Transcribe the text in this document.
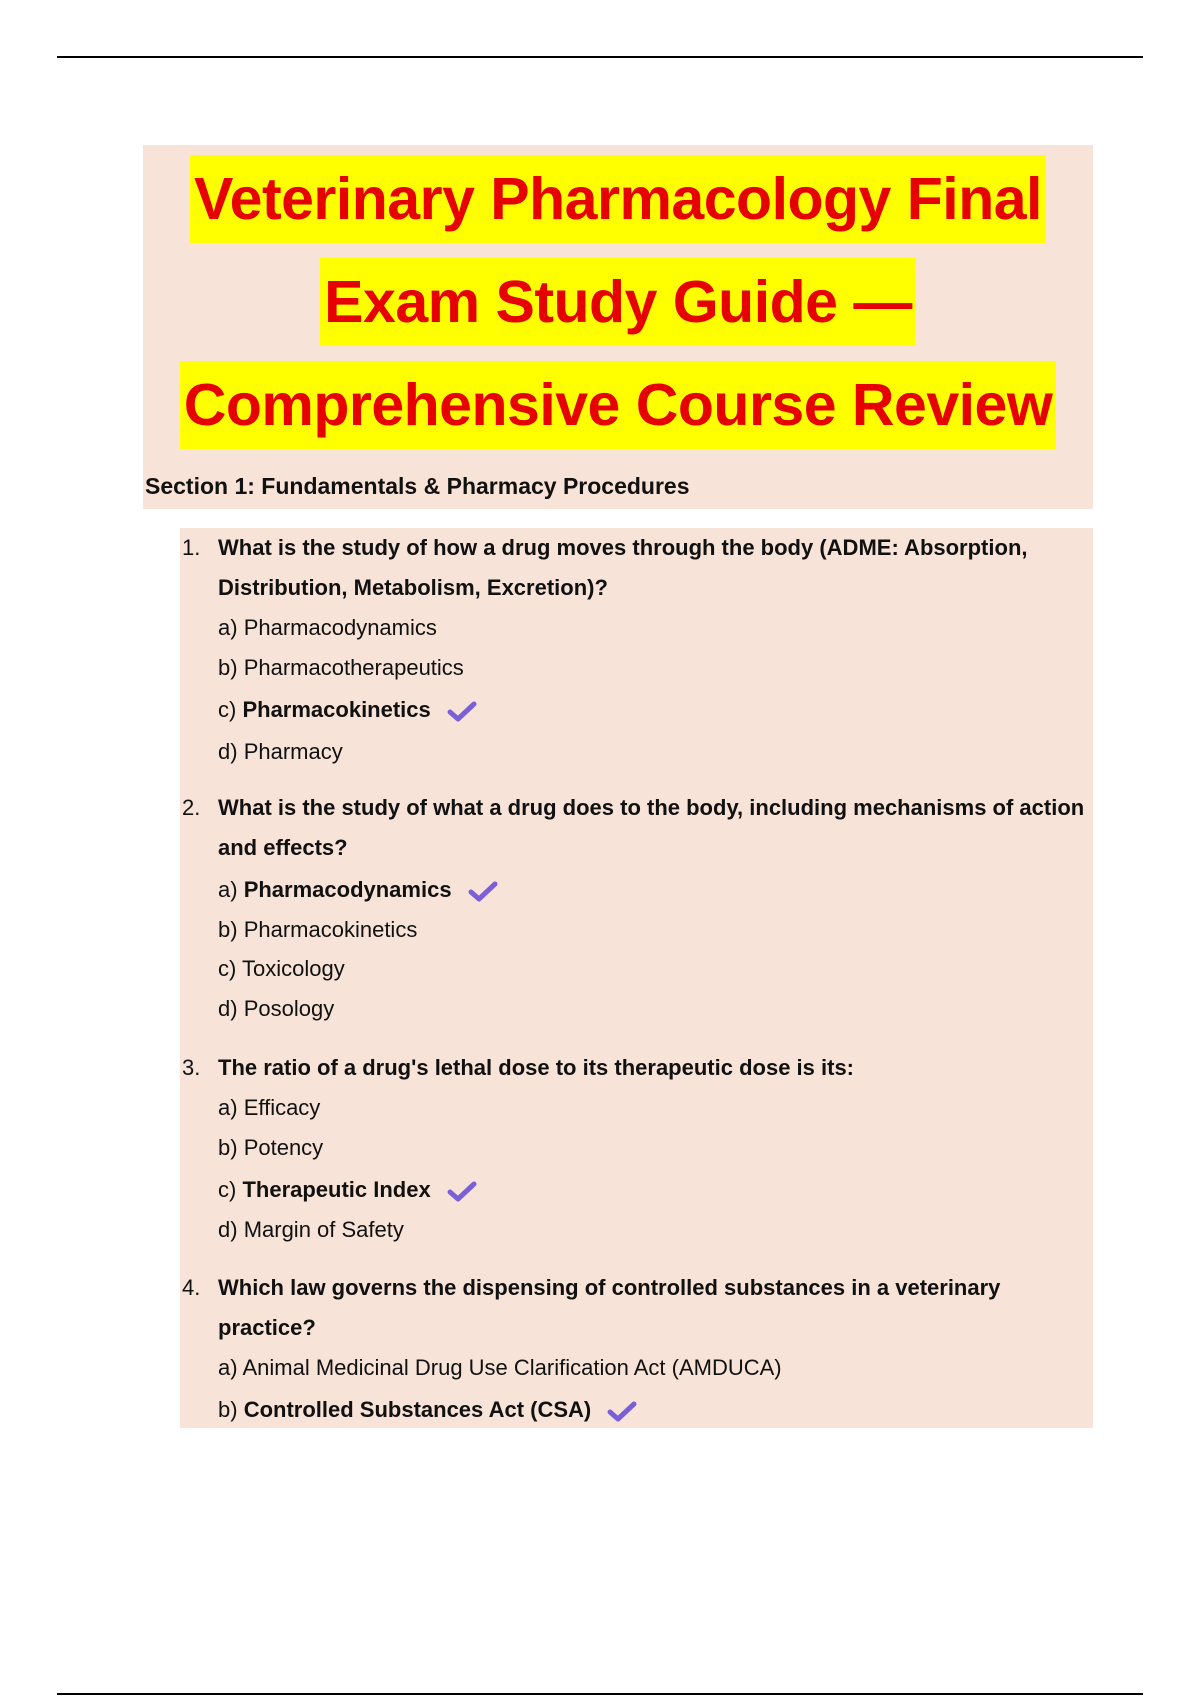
Veterinary Pharmacology Final
Exam Study Guide —
Comprehensive Course Review
Section 1: Fundamentals & Pharmacy Procedures
1. What is the study of how a drug moves through the body (ADME: Absorption, Distribution, Metabolism, Excretion)?
a) Pharmacodynamics
b) Pharmacotherapeutics
c) Pharmacokinetics
d) Pharmacy
2. What is the study of what a drug does to the body, including mechanisms of action and effects?
a) Pharmacodynamics
b) Pharmacokinetics
c) Toxicology
d) Posology
3. The ratio of a drug's lethal dose to its therapeutic dose is its:
a) Efficacy
b) Potency
c) Therapeutic Index
d) Margin of Safety
4. Which law governs the dispensing of controlled substances in a veterinary practice?
a) Animal Medicinal Drug Use Clarification Act (AMDUCA)
b) Controlled Substances Act (CSA)
